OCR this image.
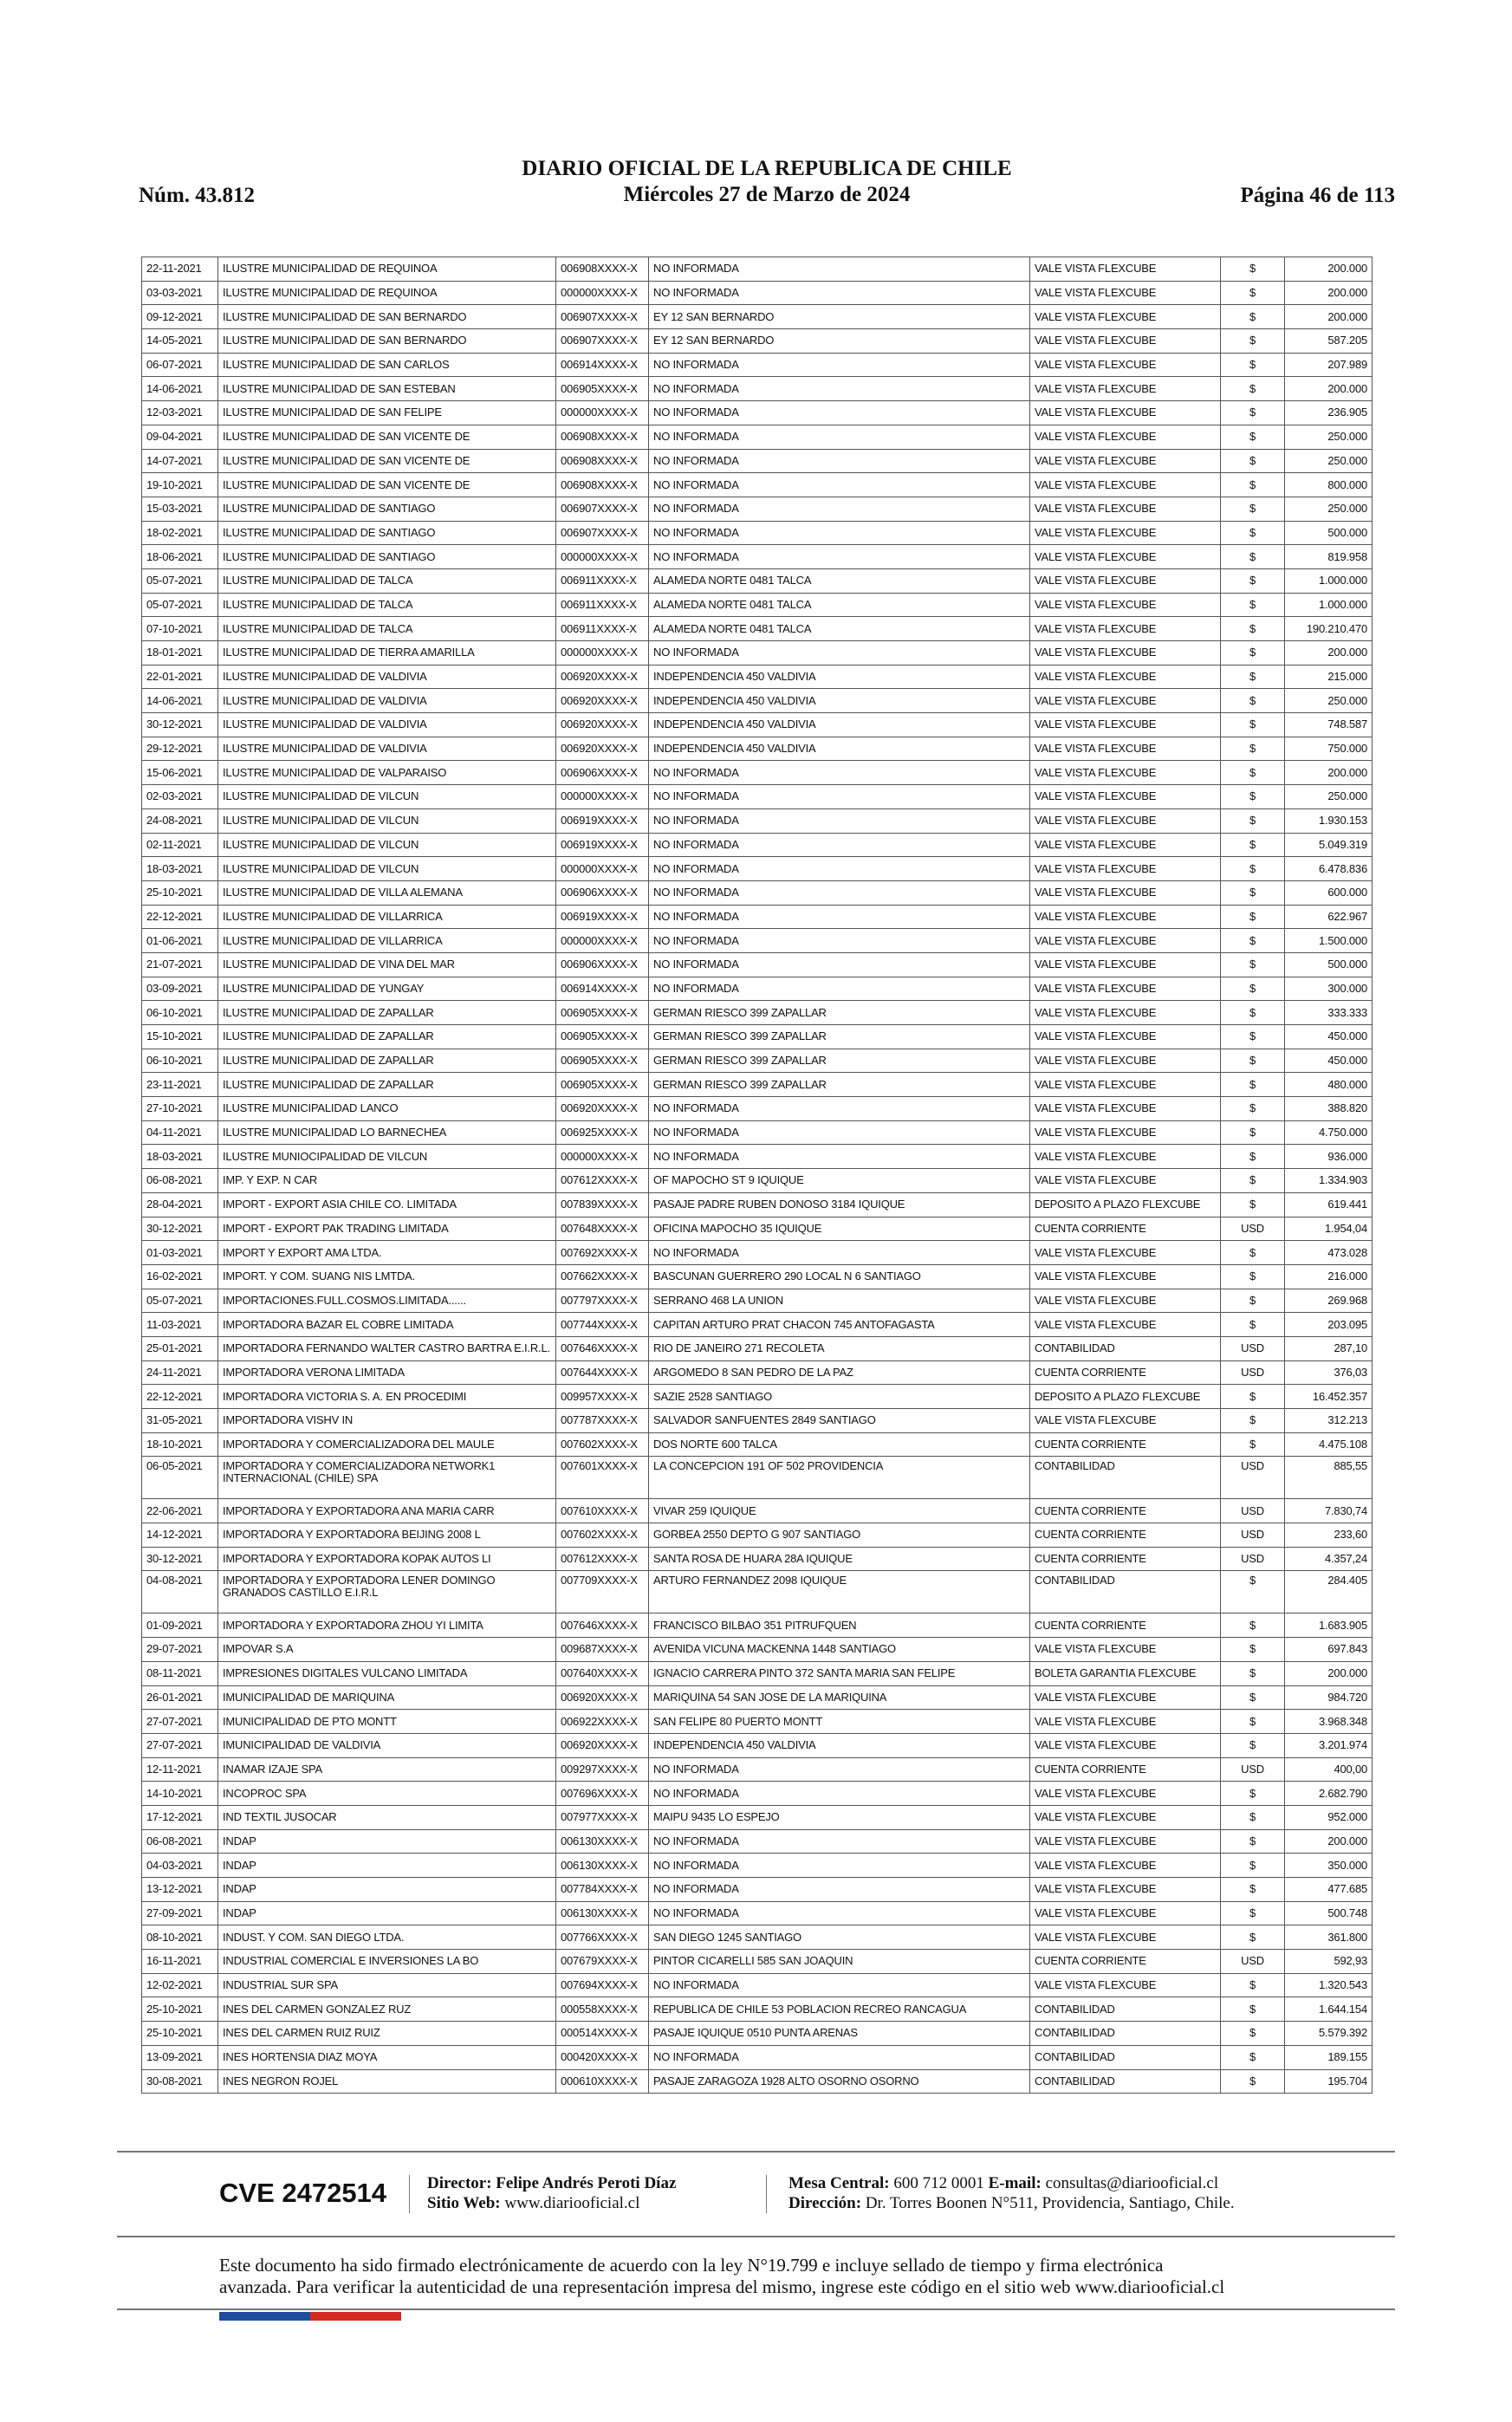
Núm. 43.812
DIARIO OFICIAL DE LA REPUBLICA DE CHILE
Miércoles 27 de Marzo de 2024	Página 46 de 113
22-11-2021	ILUSTRE MUNICIPALIDAD DE REQUINOA	006908XXXX-X	NO INFORMADA	VALE VISTA FLEXCUBE	$	200.000
03-03-2021	ILUSTRE MUNICIPALIDAD DE REQUINOA	000000XXXX-X	NO INFORMADA	VALE VISTA FLEXCUBE	$	200.000
09-12-2021	ILUSTRE MUNICIPALIDAD DE SAN BERNARDO	006907XXXX-X	EY 12 SAN BERNARDO	VALE VISTA FLEXCUBE	$	200.000
14-05-2021	ILUSTRE MUNICIPALIDAD DE SAN BERNARDO	006907XXXX-X	EY 12 SAN BERNARDO	VALE VISTA FLEXCUBE	$	587.205
06-07-2021	ILUSTRE MUNICIPALIDAD DE SAN CARLOS	006914XXXX-X	NO INFORMADA	VALE VISTA FLEXCUBE	$	207.989
14-06-2021	ILUSTRE MUNICIPALIDAD DE SAN ESTEBAN	006905XXXX-X	NO INFORMADA	VALE VISTA FLEXCUBE	$	200.000
12-03-2021	ILUSTRE MUNICIPALIDAD DE SAN FELIPE	000000XXXX-X	NO INFORMADA	VALE VISTA FLEXCUBE	$	236.905
09-04-2021	ILUSTRE MUNICIPALIDAD DE SAN VICENTE DE	006908XXXX-X	NO INFORMADA	VALE VISTA FLEXCUBE	$	250.000
14-07-2021	ILUSTRE MUNICIPALIDAD DE SAN VICENTE DE	006908XXXX-X	NO INFORMADA	VALE VISTA FLEXCUBE	$	250.000
19-10-2021	ILUSTRE MUNICIPALIDAD DE SAN VICENTE DE	006908XXXX-X	NO INFORMADA	VALE VISTA FLEXCUBE	$	800.000
15-03-2021	ILUSTRE MUNICIPALIDAD DE SANTIAGO	006907XXXX-X	NO INFORMADA	VALE VISTA FLEXCUBE	$	250.000
18-02-2021	ILUSTRE MUNICIPALIDAD DE SANTIAGO	006907XXXX-X	NO INFORMADA	VALE VISTA FLEXCUBE	$	500.000
18-06-2021	ILUSTRE MUNICIPALIDAD DE SANTIAGO	000000XXXX-X	NO INFORMADA	VALE VISTA FLEXCUBE	$	819.958
05-07-2021	ILUSTRE MUNICIPALIDAD DE TALCA	006911XXXX-X	ALAMEDA NORTE 0481 TALCA	VALE VISTA FLEXCUBE	$	1.000.000
05-07-2021	ILUSTRE MUNICIPALIDAD DE TALCA	006911XXXX-X	ALAMEDA NORTE 0481 TALCA	VALE VISTA FLEXCUBE	$	1.000.000
07-10-2021	ILUSTRE MUNICIPALIDAD DE TALCA	006911XXXX-X	ALAMEDA NORTE 0481 TALCA	VALE VISTA FLEXCUBE	$	190.210.470
18-01-2021	ILUSTRE MUNICIPALIDAD DE TIERRA AMARILLA	000000XXXX-X	NO INFORMADA	VALE VISTA FLEXCUBE	$	200.000
22-01-2021	ILUSTRE MUNICIPALIDAD DE VALDIVIA	006920XXXX-X	INDEPENDENCIA 450 VALDIVIA	VALE VISTA FLEXCUBE	$	215.000
14-06-2021	ILUSTRE MUNICIPALIDAD DE VALDIVIA	006920XXXX-X	INDEPENDENCIA 450 VALDIVIA	VALE VISTA FLEXCUBE	$	250.000
30-12-2021	ILUSTRE MUNICIPALIDAD DE VALDIVIA	006920XXXX-X	INDEPENDENCIA 450 VALDIVIA	VALE VISTA FLEXCUBE	$	748.587
29-12-2021	ILUSTRE MUNICIPALIDAD DE VALDIVIA	006920XXXX-X	INDEPENDENCIA 450 VALDIVIA	VALE VISTA FLEXCUBE	$	750.000
15-06-2021	ILUSTRE MUNICIPALIDAD DE VALPARAISO	006906XXXX-X	NO INFORMADA	VALE VISTA FLEXCUBE	$	200.000
02-03-2021	ILUSTRE MUNICIPALIDAD DE VILCUN	000000XXXX-X	NO INFORMADA	VALE VISTA FLEXCUBE	$	250.000
24-08-2021	ILUSTRE MUNICIPALIDAD DE VILCUN	006919XXXX-X	NO INFORMADA	VALE VISTA FLEXCUBE	$	1.930.153
02-11-2021	ILUSTRE MUNICIPALIDAD DE VILCUN	006919XXXX-X	NO INFORMADA	VALE VISTA FLEXCUBE	$	5.049.319
18-03-2021	ILUSTRE MUNICIPALIDAD DE VILCUN	000000XXXX-X	NO INFORMADA	VALE VISTA FLEXCUBE	$	6.478.836
25-10-2021	ILUSTRE MUNICIPALIDAD DE VILLA ALEMANA	006906XXXX-X	NO INFORMADA	VALE VISTA FLEXCUBE	$	600.000
22-12-2021	ILUSTRE MUNICIPALIDAD DE VILLARRICA	006919XXXX-X	NO INFORMADA	VALE VISTA FLEXCUBE	$	622.967
01-06-2021	ILUSTRE MUNICIPALIDAD DE VILLARRICA	000000XXXX-X	NO INFORMADA	VALE VISTA FLEXCUBE	$	1.500.000
21-07-2021	ILUSTRE MUNICIPALIDAD DE VINA DEL MAR	006906XXXX-X	NO INFORMADA	VALE VISTA FLEXCUBE	$	500.000
03-09-2021	ILUSTRE MUNICIPALIDAD DE YUNGAY	006914XXXX-X	NO INFORMADA	VALE VISTA FLEXCUBE	$	300.000
06-10-2021	ILUSTRE MUNICIPALIDAD DE ZAPALLAR	006905XXXX-X	GERMAN RIESCO 399 ZAPALLAR	VALE VISTA FLEXCUBE	$	333.333
15-10-2021	ILUSTRE MUNICIPALIDAD DE ZAPALLAR	006905XXXX-X	GERMAN RIESCO 399 ZAPALLAR	VALE VISTA FLEXCUBE	$	450.000
06-10-2021	ILUSTRE MUNICIPALIDAD DE ZAPALLAR	006905XXXX-X	GERMAN RIESCO 399 ZAPALLAR	VALE VISTA FLEXCUBE	$	450.000
23-11-2021	ILUSTRE MUNICIPALIDAD DE ZAPALLAR	006905XXXX-X	GERMAN RIESCO 399 ZAPALLAR	VALE VISTA FLEXCUBE	$	480.000
27-10-2021	ILUSTRE MUNICIPALIDAD LANCO	006920XXXX-X	NO INFORMADA	VALE VISTA FLEXCUBE	$	388.820
04-11-2021	ILUSTRE MUNICIPALIDAD LO BARNECHEA	006925XXXX-X	NO INFORMADA	VALE VISTA FLEXCUBE	$	4.750.000
18-03-2021	ILUSTRE MUNIOCIPALIDAD DE VILCUN	000000XXXX-X	NO INFORMADA	VALE VISTA FLEXCUBE	$	936.000
06-08-2021	IMP. Y EXP. N CAR	007612XXXX-X	OF MAPOCHO ST 9 IQUIQUE	VALE VISTA FLEXCUBE	$	1.334.903
28-04-2021	IMPORT - EXPORT ASIA CHILE CO. LIMITADA	007839XXXX-X	PASAJE PADRE RUBEN DONOSO 3184 IQUIQUE	DEPOSITO A PLAZO FLEXCUBE	$	619.441
30-12-2021	IMPORT - EXPORT PAK TRADING LIMITADA	007648XXXX-X	OFICINA MAPOCHO 35 IQUIQUE	CUENTA CORRIENTE	USD	1.954,04
01-03-2021	IMPORT Y EXPORT AMA LTDA.	007692XXXX-X	NO INFORMADA	VALE VISTA FLEXCUBE	$	473.028
16-02-2021	IMPORT. Y COM. SUANG NIS LMTDA.	007662XXXX-X	BASCUNAN GUERRERO 290 LOCAL N 6 SANTIAGO	VALE VISTA FLEXCUBE	$	216.000
05-07-2021	IMPORTACIONES.FULL.COSMOS.LIMITADA......	007797XXXX-X	SERRANO 468 LA UNION	VALE VISTA FLEXCUBE	$	269.968
11-03-2021	IMPORTADORA BAZAR EL COBRE LIMITADA	007744XXXX-X	CAPITAN ARTURO PRAT CHACON 745 ANTOFAGASTA	VALE VISTA FLEXCUBE	$	203.095
25-01-2021	IMPORTADORA FERNANDO WALTER CASTRO BARTRA E.I.R.L.	007646XXXX-X	RIO DE JANEIRO 271 RECOLETA	CONTABILIDAD	USD	287,10
24-11-2021	IMPORTADORA VERONA LIMITADA	007644XXXX-X	ARGOMEDO 8 SAN PEDRO DE LA PAZ	CUENTA CORRIENTE	USD	376,03
22-12-2021	IMPORTADORA VICTORIA S. A. EN PROCEDIMI	009957XXXX-X	SAZIE 2528 SANTIAGO	DEPOSITO A PLAZO FLEXCUBE	$	16.452.357
31-05-2021	IMPORTADORA VISHV IN	007787XXXX-X	SALVADOR SANFUENTES 2849 SANTIAGO	VALE VISTA FLEXCUBE	$	312.213
18-10-2021	IMPORTADORA Y COMERCIALIZADORA DEL MAULE	007602XXXX-X	DOS NORTE 600 TALCA	CUENTA CORRIENTE	$	4.475.108
06-05-2021	IMPORTADORA Y COMERCIALIZADORA NETWORK1 INTERNACIONAL (CHILE) SPA	007601XXXX-X	LA CONCEPCION 191 OF 502 PROVIDENCIA	CONTABILIDAD	USD	885,55
22-06-2021	IMPORTADORA Y EXPORTADORA ANA MARIA CARR	007610XXXX-X	VIVAR 259 IQUIQUE	CUENTA CORRIENTE	USD	7.830,74
14-12-2021	IMPORTADORA Y EXPORTADORA BEIJING 2008 L	007602XXXX-X	GORBEA 2550 DEPTO G 907 SANTIAGO	CUENTA CORRIENTE	USD	233,60
30-12-2021	IMPORTADORA Y EXPORTADORA KOPAK AUTOS LI	007612XXXX-X	SANTA ROSA DE HUARA 28A IQUIQUE	CUENTA CORRIENTE	USD	4.357,24
04-08-2021	IMPORTADORA Y EXPORTADORA LENER DOMINGO GRANADOS CASTILLO E.I.R.L	007709XXXX-X	ARTURO FERNANDEZ 2098 IQUIQUE	CONTABILIDAD	$	284.405
01-09-2021	IMPORTADORA Y EXPORTADORA ZHOU YI LIMITA	007646XXXX-X	FRANCISCO BILBAO 351 PITRUFQUEN	CUENTA CORRIENTE	$	1.683.905
29-07-2021	IMPOVAR S.A	009687XXXX-X	AVENIDA VICUNA MACKENNA 1448 SANTIAGO	VALE VISTA FLEXCUBE	$	697.843
08-11-2021	IMPRESIONES DIGITALES VULCANO LIMITADA	007640XXXX-X	IGNACIO CARRERA PINTO 372 SANTA MARIA SAN FELIPE	BOLETA GARANTIA FLEXCUBE	$	200.000
26-01-2021	IMUNICIPALIDAD DE MARIQUINA	006920XXXX-X	MARIQUINA 54 SAN JOSE DE LA MARIQUINA	VALE VISTA FLEXCUBE	$	984.720
27-07-2021	IMUNICIPALIDAD DE PTO MONTT	006922XXXX-X	SAN FELIPE 80 PUERTO MONTT	VALE VISTA FLEXCUBE	$	3.968.348
27-07-2021	IMUNICIPALIDAD DE VALDIVIA	006920XXXX-X	INDEPENDENCIA 450 VALDIVIA	VALE VISTA FLEXCUBE	$	3.201.974
12-11-2021	INAMAR IZAJE SPA	009297XXXX-X	NO INFORMADA	CUENTA CORRIENTE	USD	400,00
14-10-2021	INCOPROC SPA	007696XXXX-X	NO INFORMADA	VALE VISTA FLEXCUBE	$	2.682.790
17-12-2021	IND TEXTIL JUSOCAR	007977XXXX-X	MAIPU 9435 LO ESPEJO	VALE VISTA FLEXCUBE	$	952.000
06-08-2021	INDAP	006130XXXX-X	NO INFORMADA	VALE VISTA FLEXCUBE	$	200.000
04-03-2021	INDAP	006130XXXX-X	NO INFORMADA	VALE VISTA FLEXCUBE	$	350.000
13-12-2021	INDAP	007784XXXX-X	NO INFORMADA	VALE VISTA FLEXCUBE	$	477.685
27-09-2021	INDAP	006130XXXX-X	NO INFORMADA	VALE VISTA FLEXCUBE	$	500.748
08-10-2021	INDUST. Y COM. SAN DIEGO LTDA.	007766XXXX-X	SAN DIEGO 1245 SANTIAGO	VALE VISTA FLEXCUBE	$	361.800
16-11-2021	INDUSTRIAL COMERCIAL E INVERSIONES LA BO	007679XXXX-X	PINTOR CICARELLI 585 SAN JOAQUIN	CUENTA CORRIENTE	USD	592,93
12-02-2021	INDUSTRIAL SUR SPA	007694XXXX-X	NO INFORMADA	VALE VISTA FLEXCUBE	$	1.320.543
25-10-2021	INES DEL CARMEN GONZALEZ RUZ	000558XXXX-X	REPUBLICA DE CHILE 53 POBLACION RECREO RANCAGUA	CONTABILIDAD	$	1.644.154
25-10-2021	INES DEL CARMEN RUIZ RUIZ	000514XXXX-X	PASAJE IQUIQUE 0510 PUNTA ARENAS	CONTABILIDAD	$	5.579.392
13-09-2021	INES HORTENSIA DIAZ MOYA	000420XXXX-X	NO INFORMADA	CONTABILIDAD	$	189.155
30-08-2021	INES NEGRON ROJEL	000610XXXX-X	PASAJE ZARAGOZA 1928 ALTO OSORNO OSORNO	CONTABILIDAD	$	195.704
CVE 2472514 Director: Felipe Andrés Peroti Díaz
Sitio Web: www.diariooficial.cl
Mesa Central: 600 712 0001 E-mail: consultas@diariooficial.cl
Dirección: Dr. Torres Boonen N°511, Providencia, Santiago, Chile.
Este documento ha sido firmado electrónicamente de acuerdo con la ley N°19.799 e incluye sellado de tiempo y firma electrónica
avanzada. Para verificar la autenticidad de una representación impresa del mismo, ingrese este código en el sitio web www.diariooficial.cl
